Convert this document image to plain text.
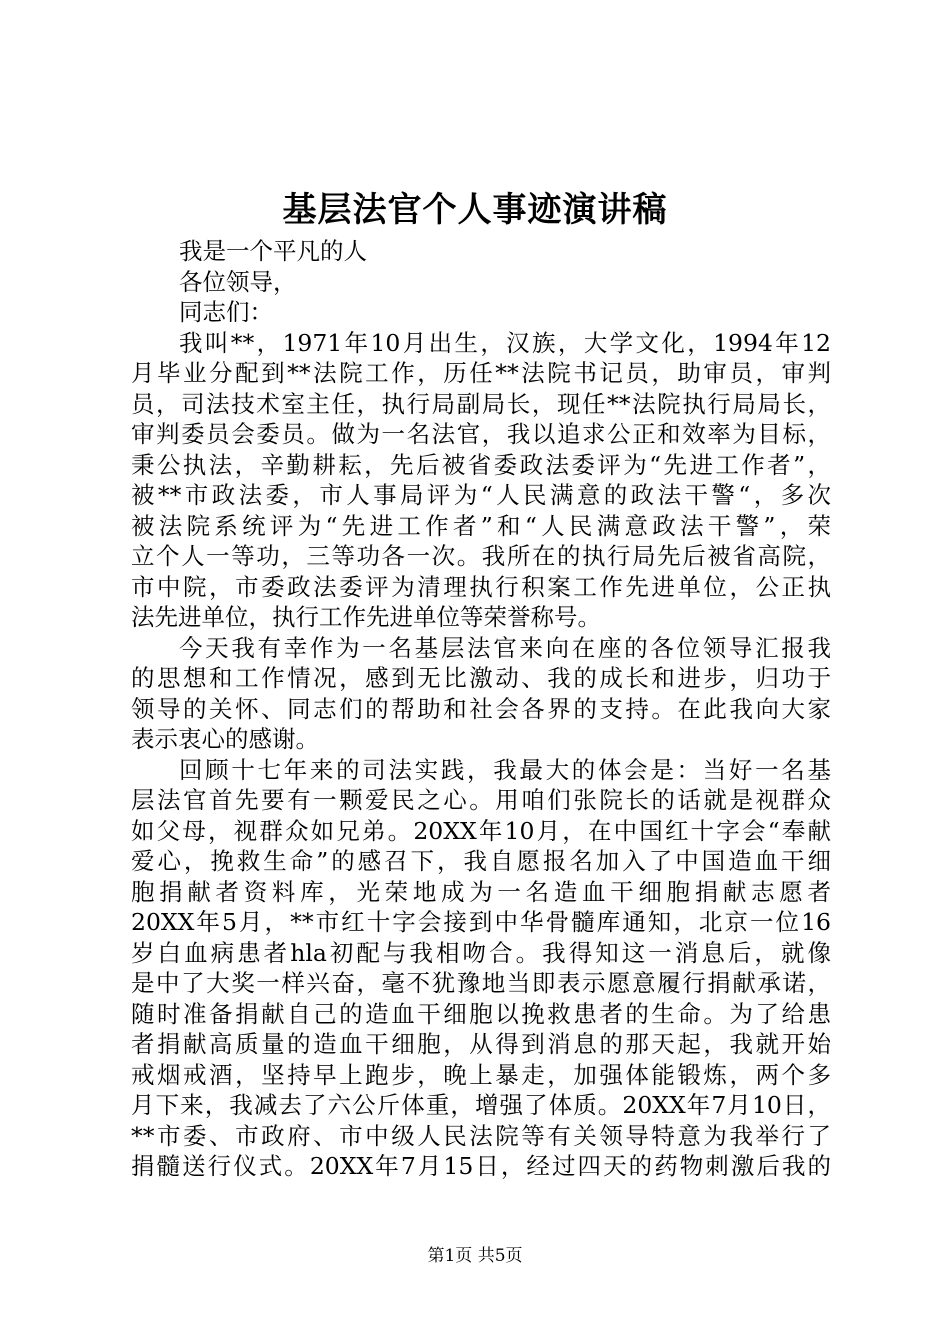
基层法官个人事迹演讲稿
我是一个平凡的人
各位领导，
同志们：
我叫**，1971年10月出生，汉族，大学文化，1994年12
月毕业分配到**法院工作，历任**法院书记员，助审员，审判
员，司法技术室主任，执行局副局长，现任**法院执行局局长，
审判委员会委员。做为一名法官，我以追求公正和效率为目标，
秉公执法，辛勤耕耘，先后被省委政法委评为“先进工作者”，
被**市政法委，市人事局评为“人民满意的政法干警“，多次
被法院系统评为“先进工作者”和“人民满意政法干警”，荣
立个人一等功，三等功各一次。我所在的执行局先后被省高院，
市中院，市委政法委评为清理执行积案工作先进单位，公正执
法先进单位，执行工作先进单位等荣誉称号。
今天我有幸作为一名基层法官来向在座的各位领导汇报我
的思想和工作情况，感到无比激动、我的成长和进步，归功于
领导的关怀、同志们的帮助和社会各界的支持。在此我向大家
表示衷心的感谢。
回顾十七年来的司法实践，我最大的体会是：当好一名基
层法官首先要有一颗爱民之心。用咱们张院长的话就是视群众
如父母，视群众如兄弟。20XX年10月，在中国红十字会“奉献
爱心，挽救生命”的感召下，我自愿报名加入了中国造血干细
胞捐献者资料库，光荣地成为一名造血干细胞捐献志愿者
20XX年5月，**市红十字会接到中华骨髓库通知，北京一位16
岁白血病患者hla初配与我相吻合。我得知这一消息后，就像
是中了大奖一样兴奋，毫不犹豫地当即表示愿意履行捐献承诺，
随时准备捐献自己的造血干细胞以挽救患者的生命。为了给患
者捐献高质量的造血干细胞，从得到消息的那天起，我就开始
戒烟戒酒，坚持早上跑步，晚上暴走，加强体能锻炼，两个多
月下来，我减去了六公斤体重，增强了体质。20XX年7月10日，
**市委、市政府、市中级人民法院等有关领导特意为我举行了
捐髓送行仪式。20XX年7月15日，经过四天的药物刺激后我的
第1页 共5页
